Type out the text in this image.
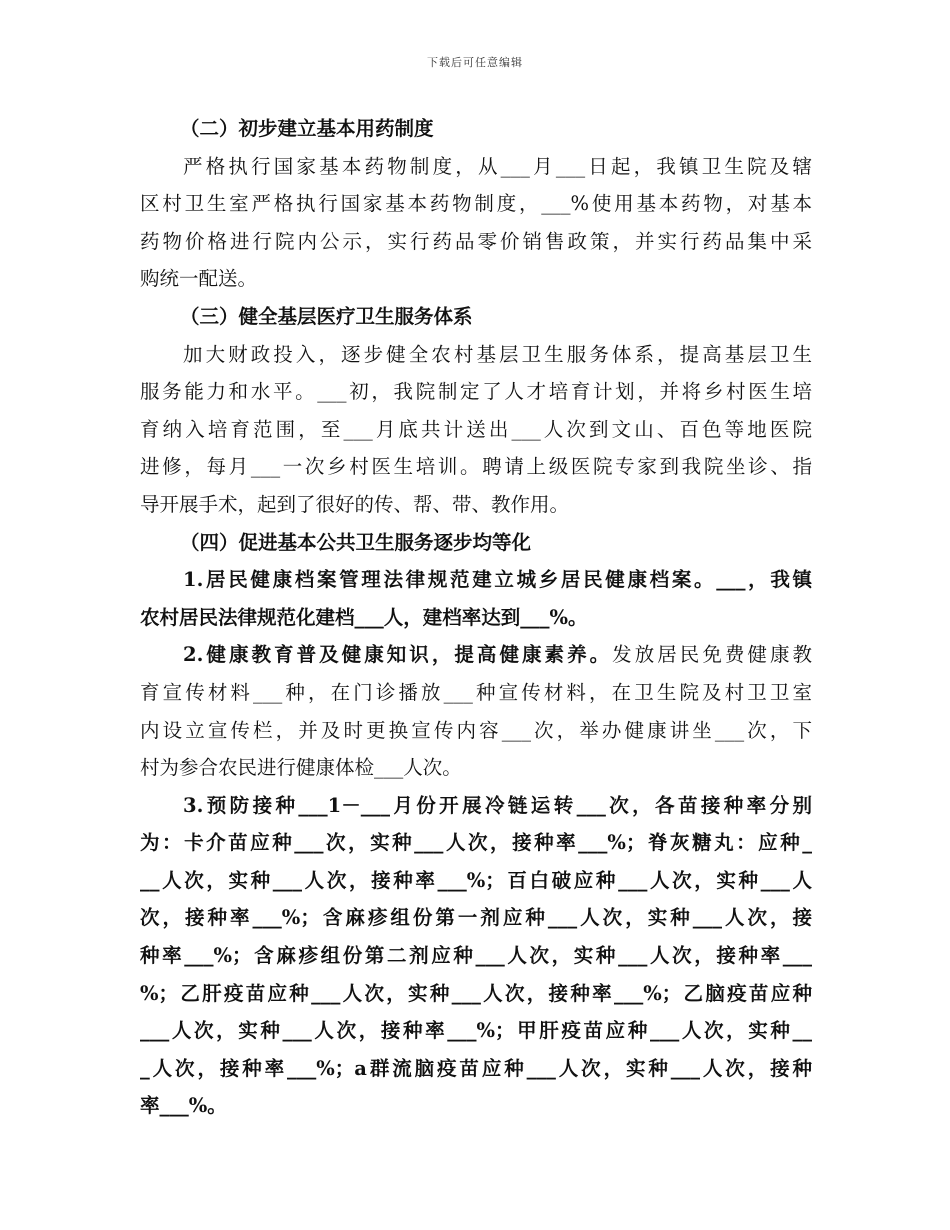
下载后可任意编辑
（二）初步建立基本用药制度
严格执行国家基本药物制度，从___月___日起，我镇卫生院及辖
区村卫生室严格执行国家基本药物制度，___%使用基本药物，对基本
药物价格进行院内公示，实行药品零价销售政策，并实行药品集中采
购统一配送。
（三）健全基层医疗卫生服务体系
加大财政投入，逐步健全农村基层卫生服务体系，提高基层卫生
服务能力和水平。___初，我院制定了人才培育计划，并将乡村医生培
育纳入培育范围，至___月底共计送出___人次到文山、百色等地医院
进修，每月___一次乡村医生培训。聘请上级医院专家到我院坐诊、指
导开展手术，起到了很好的传、帮、带、教作用。
（四）促进基本公共卫生服务逐步均等化
1.居民健康档案管理法律规范建立城乡居民健康档案。___，我镇
农村居民法律规范化建档___人，建档率达到___%。
2.健康教育普及健康知识，提高健康素养。发放居民免费健康教
育宣传材料___种，在门诊播放___种宣传材料，在卫生院及村卫卫室
内设立宣传栏，并及时更换宣传内容___次，举办健康讲坐___次，下
村为参合农民进行健康体检___人次。
3.预防接种___1－___月份开展冷链运转___次，各苗接种率分别
为：卡介苗应种___次，实种___人次，接种率___%；脊灰糖丸：应种_
__人次，实种___人次，接种率___%；百白破应种___人次，实种___人
次，接种率___%；含麻疹组份第一剂应种___人次，实种___人次，接
种率___%；含麻疹组份第二剂应种___人次，实种___人次，接种率___
%；乙肝疫苗应种___人次，实种___人次，接种率___%；乙脑疫苗应种
___人次，实种___人次，接种率___%；甲肝疫苗应种___人次，实种__
_人次，接种率___%；a群流脑疫苗应种___人次，实种___人次，接种
率___%。
